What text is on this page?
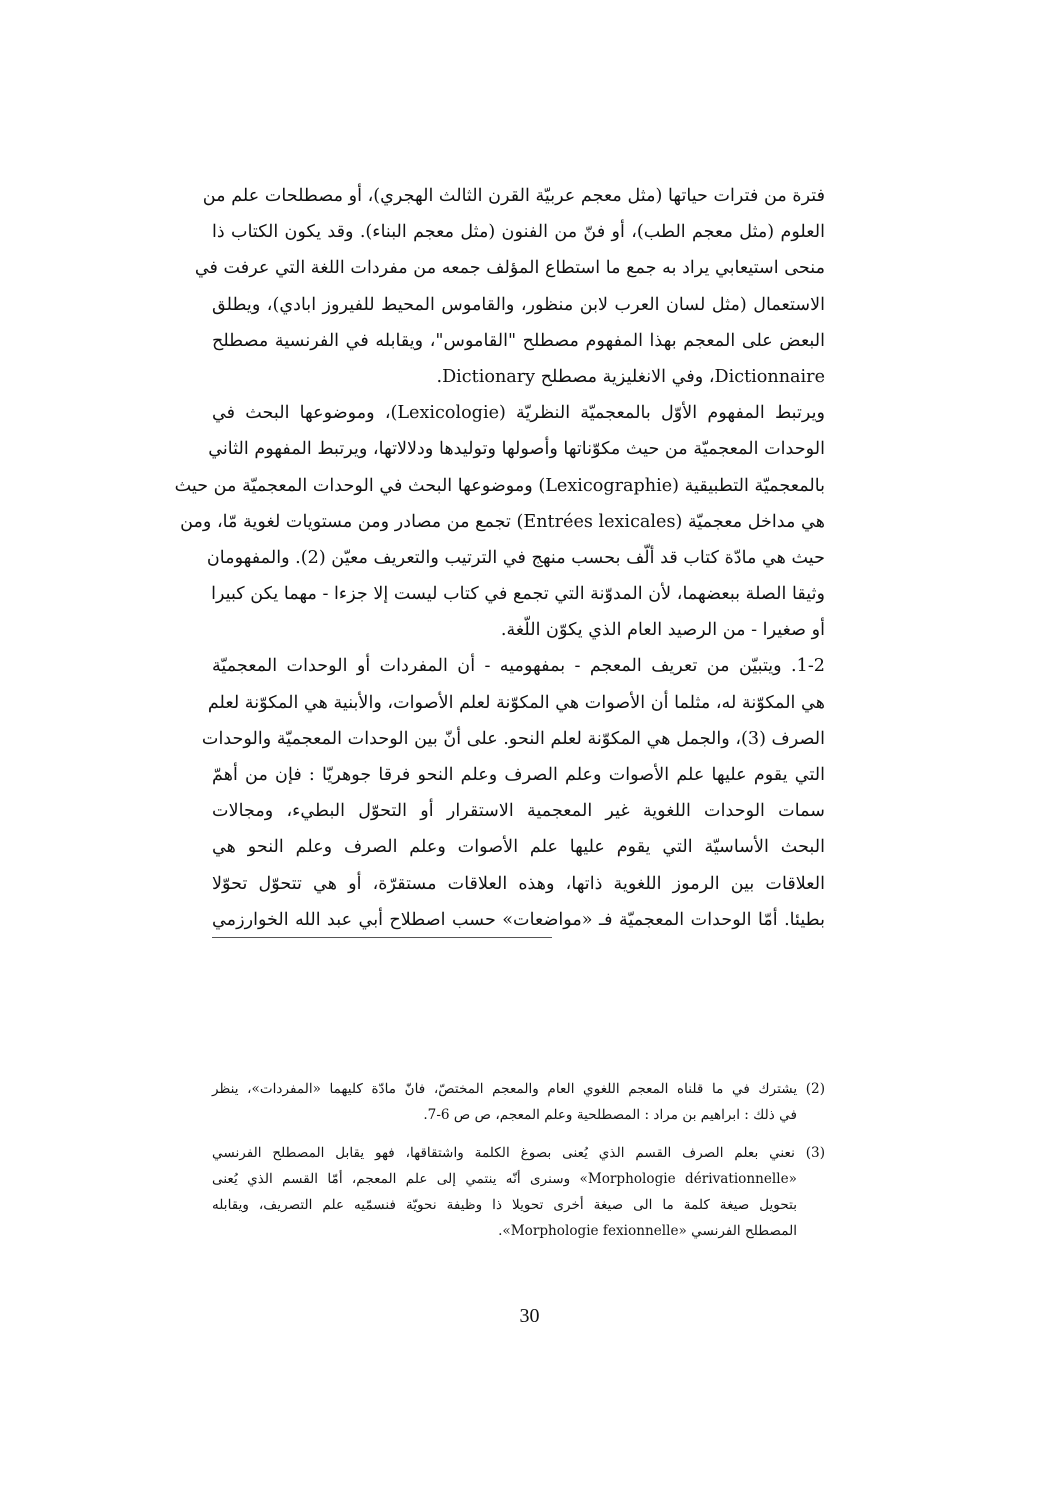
فترة من فترات حياتها (مثل معجم عربيّة القرن الثالث الهجري)، أو مصطلحات علم من
العلوم (مثل معجم الطب)، أو فنّ من الفنون (مثل معجم البناء). وقد يكون الكتاب ذا
منحى استيعابي يراد به جمع ما استطاع المؤلف جمعه من مفردات اللغة التي عرفت في
الاستعمال (مثل لسان العرب لابن منظور، والقاموس المحيط للفيروز ابادي)، ويطلق
البعض على المعجم بهذا المفهوم مصطلح "القاموس"، ويقابله في الفرنسية مصطلح
Dictionnaire، وفي الانغليزية مصطلح Dictionary.
ويرتبط المفهوم الأوّل بالمعجميّة النظريّة (Lexicologie)، وموضوعها البحث في
الوحدات المعجميّة من حيث مكوّناتها وأصولها وتوليدها ودلالاتها، ويرتبط المفهوم الثاني
بالمعجميّة التطبيقية (Lexicographie) وموضوعها البحث في الوحدات المعجميّة من حيث
هي مداخل معجميّة (Entrées lexicales) تجمع من مصادر ومن مستويات لغوية مّا، ومن
حيث هي مادّة كتاب قد ألّف بحسب منهج في الترتيب والتعريف معيّن (2). والمفهومان
وثيقا الصلة ببعضهما، لأن المدوّنة التي تجمع في كتاب ليست إلا جزءا - مهما يكن كبيرا
أو صغيرا - من الرصيد العام الذي يكوّن اللّغة.
1-2. ويتبيّن من تعريف المعجم - بمفهوميه - أن المفردات أو الوحدات المعجميّة
هي المكوّنة له، مثلما أن الأصوات هي المكوّنة لعلم الأصوات، والأبنية هي المكوّنة لعلم
الصرف (3)، والجمل هي المكوّنة لعلم النحو. على أنّ بين الوحدات المعجميّة والوحدات
التي يقوم عليها علم الأصوات وعلم الصرف وعلم النحو فرقا جوهريّا : فإن من أهمّ
سمات الوحدات اللغوية غير المعجمية الاستقرار أو التحوّل البطيء، ومجالات
البحث الأساسيّة التي يقوم عليها علم الأصوات وعلم الصرف وعلم النحو هي
العلاقات بين الرموز اللغوية ذاتها، وهذه العلاقات مستقرّة، أو هي تتحوّل تحوّلا
بطيئا. أمّا الوحدات المعجميّة فـ «مواضعات» حسب اصطلاح أبي عبد الله الخوارزمي
(2) يشترك في ما قلناه المعجم اللغوي العام والمعجم المختصّ، فانّ مادّة كليهما «المفردات»، ينظر
في ذلك : ابراهيم بن مراد : المصطلحية وعلم المعجم، ص ص 6-7.
(3) نعني بعلم الصرف القسم الذي يُعنى بصوغ الكلمة واشتقاقها، فهو يقابل المصطلح الفرنسي
«Morphologie dérivationnelle» وسنرى أنّه ينتمي إلى علم المعجم، أمّا القسم الذي يُعنى
بتحويل صيغة كلمة ما الى صيغة أخرى تحويلا ذا وظيفة نحويّة فنسمّيه علم التصريف، ويقابله
المصطلح الفرنسي «Morphologie fexionnelle».
30
